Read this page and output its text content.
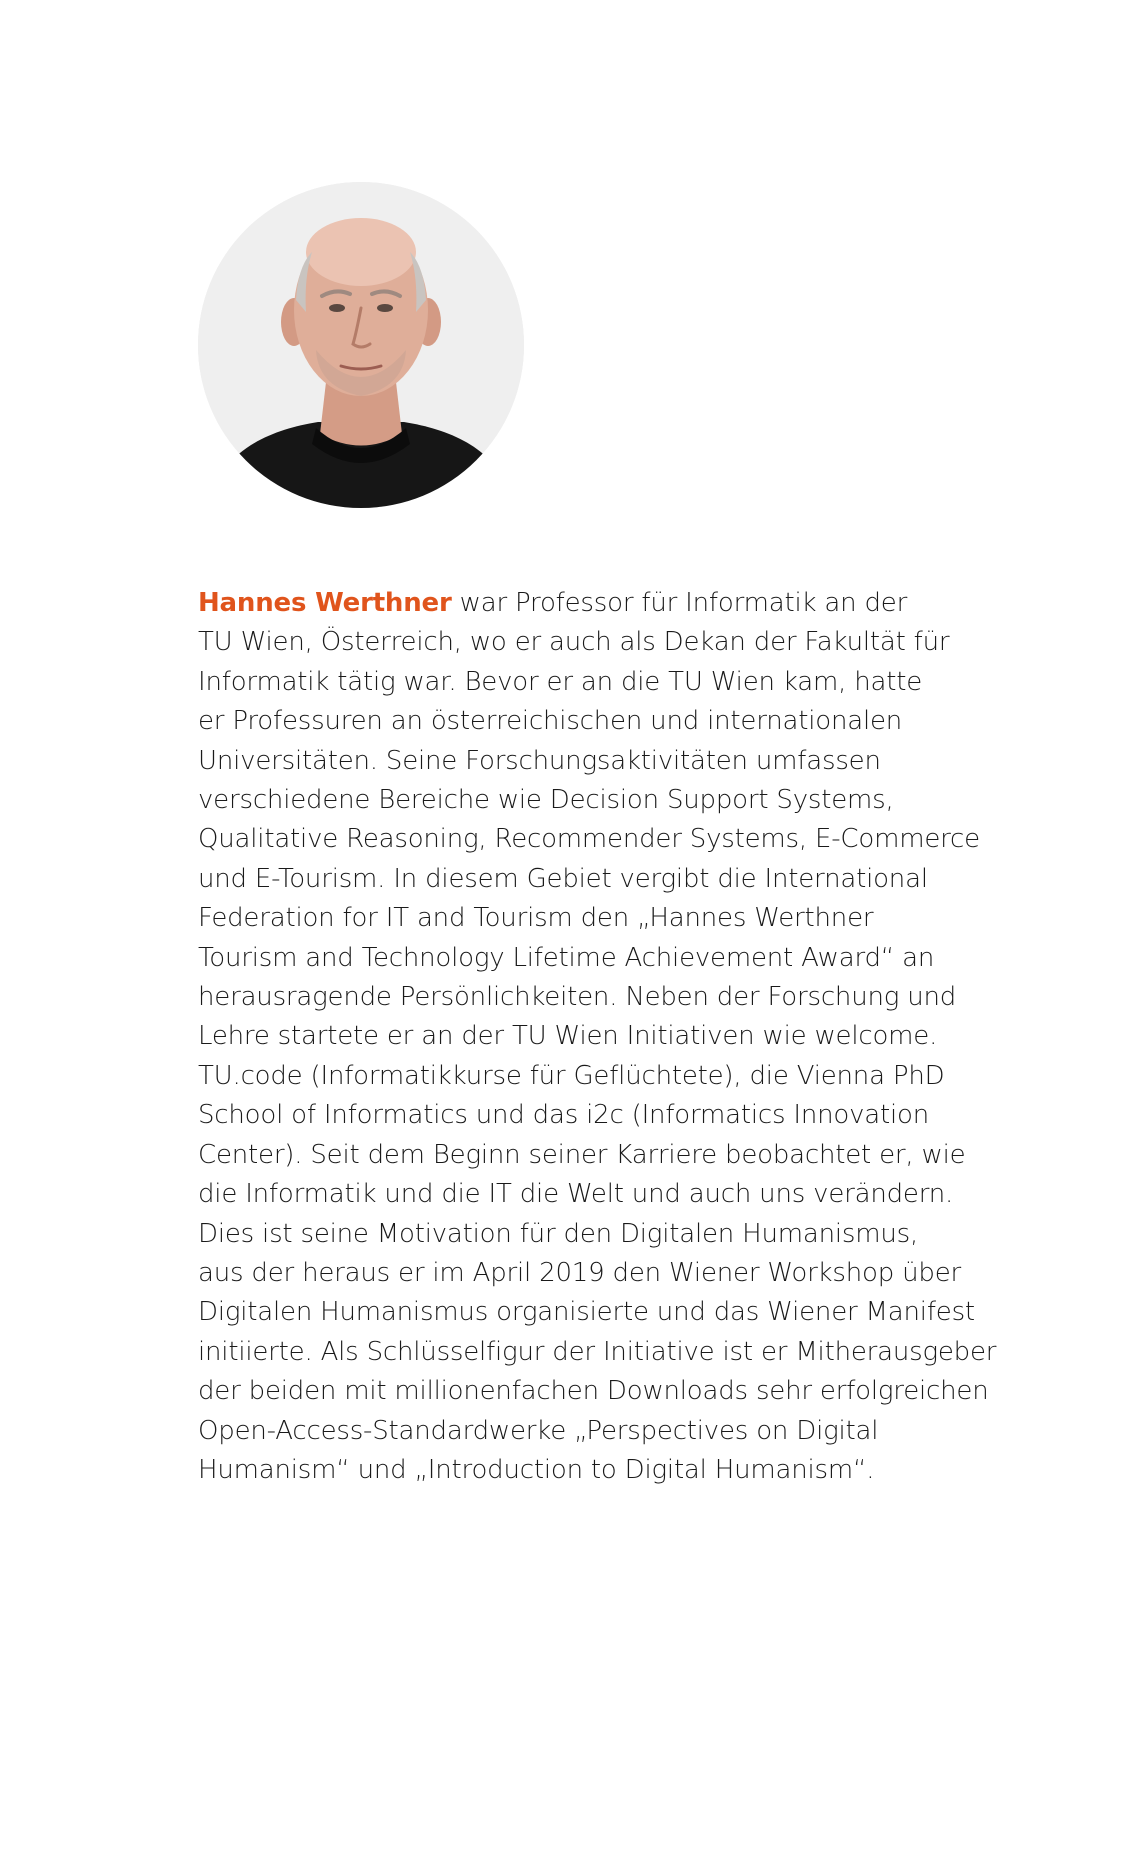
Hannes Werthner war Professor für Informatik an der
TU Wien, Österreich, wo er auch als Dekan der Fakultät für
Informatik tätig war. Bevor er an die TU Wien kam, hatte
er Professuren an österreichischen und internationalen
Universitäten. Seine Forschungsaktivitäten umfassen
verschiedene Bereiche wie Decision Support Systems,
Qualitative Reasoning, Recommender Systems, E-Commerce
und E-Tourism. In diesem Gebiet vergibt die International
Federation for IT and Tourism den „Hannes Werthner
Tourism and Technology Lifetime Achievement Award“ an
herausragende Persönlichkeiten. Neben der Forschung und
Lehre startete er an der TU Wien Initiativen wie welcome.
TU.code (Informatikkurse für Geflüchtete), die Vienna PhD
School of Informatics und das i2c (Informatics Innovation
Center). Seit dem Beginn seiner Karriere beobachtet er, wie
die Informatik und die IT die Welt und auch uns verändern.
Dies ist seine Motivation für den Digitalen Humanismus,
aus der heraus er im April 2019 den Wiener Workshop über
Digitalen Humanismus organisierte und das Wiener Manifest
initiierte. Als Schlüsselfigur der Initiative ist er Mitherausgeber
der beiden mit millionenfachen Downloads sehr erfolgreichen
Open-Access-Standardwerke „Perspectives on Digital
Humanism“ und „Introduction to Digital Humanism“.
